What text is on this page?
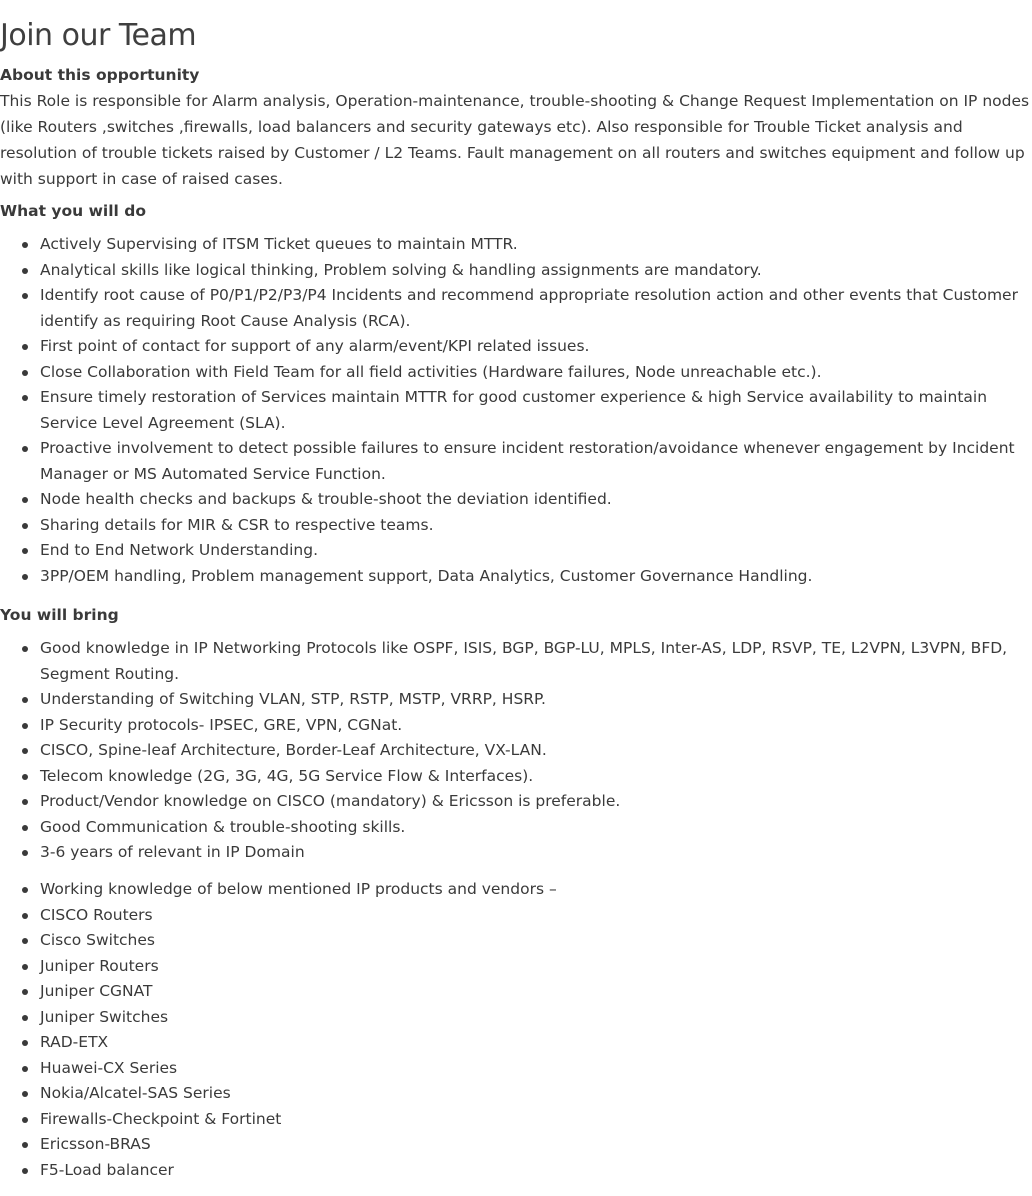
Join our Team
About this opportunity

This Role is responsible for Alarm analysis, Operation-maintenance, trouble-shooting & Change Request Implementation on IP nodes (like Routers ,switches ,firewalls, load balancers and security gateways etc). Also responsible for Trouble Ticket analysis and resolution of trouble tickets raised by Customer / L2 Teams. Fault management on all routers and switches equipment and follow up with support in case of raised cases.

What you will do
Actively Supervising of ITSM Ticket queues to maintain MTTR.
Analytical skills like logical thinking, Problem solving & handling assignments are mandatory.
Identify root cause of P0/P1/P2/P3/P4 Incidents and recommend appropriate resolution action and other events that Customer identify as requiring Root Cause Analysis (RCA).
First point of contact for support of any alarm/event/KPI related issues.
Close Collaboration with Field Team for all field activities (Hardware failures, Node unreachable etc.).
Ensure timely restoration of Services maintain MTTR for good customer experience & high Service availability to maintain Service Level Agreement (SLA).
Proactive involvement to detect possible failures to ensure incident restoration/avoidance whenever engagement by Incident Manager or MS Automated Service Function.
Node health checks and backups & trouble-shoot the deviation identified.
Sharing details for MIR & CSR to respective teams.
End to End Network Understanding.
3PP/OEM handling, Problem management support, Data Analytics, Customer Governance Handling.
You will bring
Good knowledge in IP Networking Protocols like OSPF, ISIS, BGP, BGP-LU, MPLS, Inter-AS, LDP, RSVP, TE, L2VPN, L3VPN, BFD, Segment Routing.
Understanding of Switching VLAN, STP, RSTP, MSTP, VRRP, HSRP.
IP Security protocols- IPSEC, GRE, VPN, CGNat.
CISCO, Spine-leaf Architecture, Border-Leaf Architecture, VX-LAN.
Telecom knowledge (2G, 3G, 4G, 5G Service Flow & Interfaces).
Product/Vendor knowledge on CISCO (mandatory) & Ericsson is preferable.
Good Communication & trouble-shooting skills.
3-6 years of relevant in IP Domain
Working knowledge of below mentioned IP products and vendors –
CISCO Routers
Cisco Switches
Juniper Routers
Juniper CGNAT
Juniper Switches
RAD-ETX
Huawei-CX Series
Nokia/Alcatel-SAS Series
Firewalls-Checkpoint & Fortinet
Ericsson-BRAS
F5-Load balancer
